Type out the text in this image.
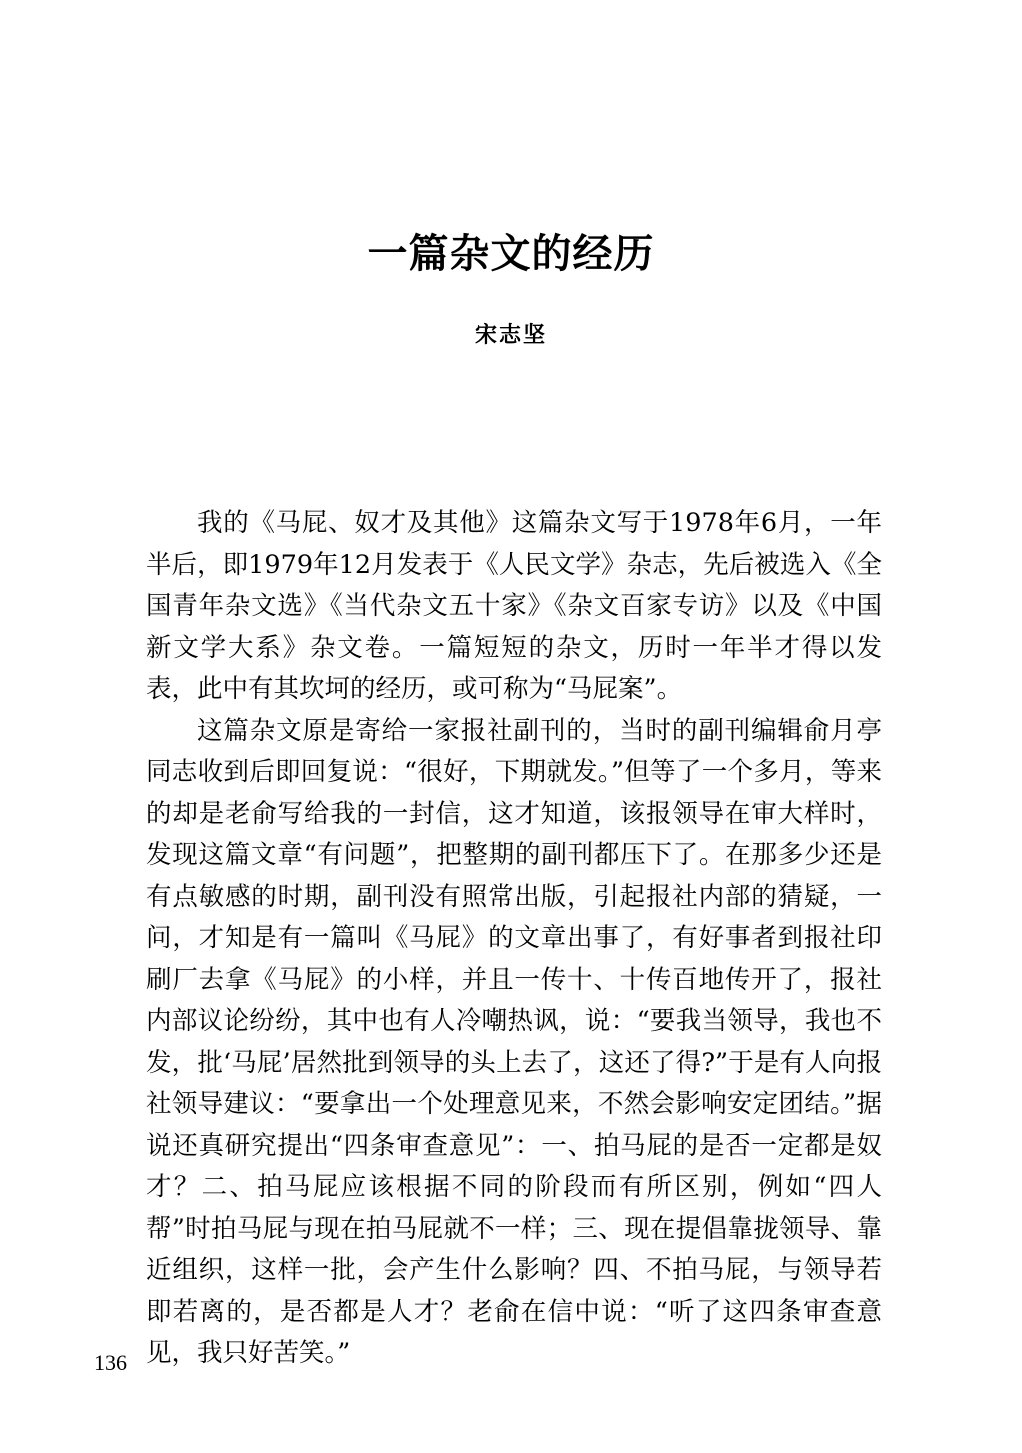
一篇杂文的经历
宋志坚

我的《马屁、奴才及其他》这篇杂文写于1978年6月，一年半后，即1979年12月发表于《人民文学》杂志，先后被选入《全国青年杂文选》《当代杂文五十家》《杂文百家专访》以及《中国新文学大系》杂文卷。一篇短短的杂文，历时一年半才得以发表，此中有其坎坷的经历，或可称为“马屁案”。

这篇杂文原是寄给一家报社副刊的，当时的副刊编辑俞月亭同志收到后即回复说：“很好，下期就发。”但等了一个多月，等来的却是老俞写给我的一封信，这才知道，该报领导在审大样时，发现这篇文章“有问题”，把整期的副刊都压下了。在那多少还是有点敏感的时期，副刊没有照常出版，引起报社内部的猜疑，一问，才知是有一篇叫《马屁》的文章出事了，有好事者到报社印刷厂去拿《马屁》的小样，并且一传十、十传百地传开了，报社内部议论纷纷，其中也有人冷嘲热讽，说：“要我当领导，我也不发，批‘马屁’居然批到领导的头上去了，这还了得?”于是有人向报社领导建议：“要拿出一个处理意见来，不然会影响安定团结。”据说还真研究提出“四条审查意见”：一、拍马屁的是否一定都是奴才？二、拍马屁应该根据不同的阶段而有所区别，例如“四人帮”时拍马屁与现在拍马屁就不一样；三、现在提倡靠拢领导、靠近组织，这样一批，会产生什么影响？四、不拍马屁，与领导若即若离的，是否都是人才？老俞在信中说：“听了这四条审查意见，我只好苦笑。”

136
